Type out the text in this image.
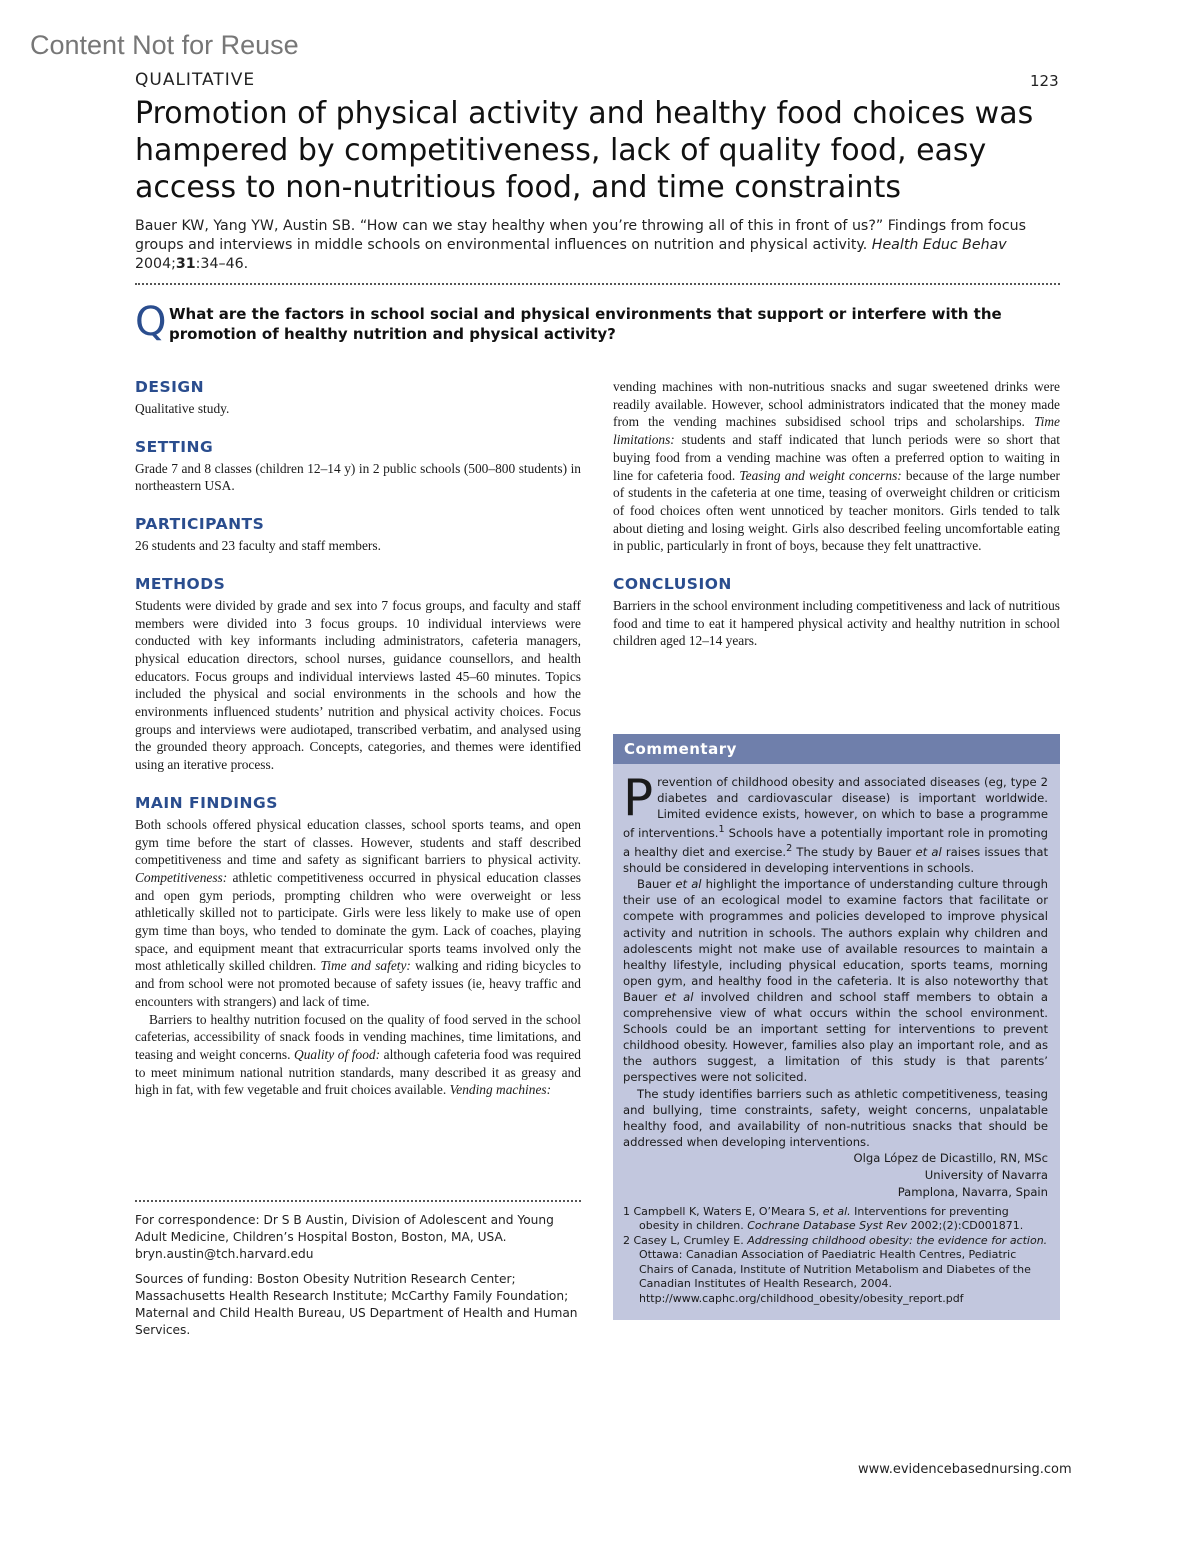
Content Not for Reuse
QUALITATIVE	123
Promotion of physical activity and healthy food choices was hampered by competitiveness, lack of quality food, easy access to non-nutritious food, and time constraints

Bauer KW, Yang YW, Austin SB. “How can we stay healthy when you’re throwing all of this in front of us?” Findings from focus groups and interviews in middle schools on environmental influences on nutrition and physical activity. Health Educ Behav 2004;31:34–46.

Q What are the factors in school social and physical environments that support or interfere with the promotion of healthy nutrition and physical activity?

DESIGN

Qualitative study.

SETTING

Grade 7 and 8 classes (children 12–14 y) in 2 public schools (500–800 students) in northeastern USA.

PARTICIPANTS

26 students and 23 faculty and staff members.

METHODS

Students were divided by grade and sex into 7 focus groups, and faculty and staff members were divided into 3 focus groups. 10 individual interviews were conducted with key informants including administrators, cafeteria managers, physical education directors, school nurses, guidance counsellors, and health educators. Focus groups and individual interviews lasted 45–60 minutes. Topics included the physical and social environments in the schools and how the environments influenced students’ nutrition and physical activity choices. Focus groups and interviews were audiotaped, transcribed verbatim, and analysed using the grounded theory approach. Concepts, categories, and themes were identified using an iterative process.

MAIN FINDINGS

Both schools offered physical education classes, school sports teams, and open gym time before the start of classes. However, students and staff described competitiveness and time and safety as significant barriers to physical activity. Competitiveness: athletic competitiveness occurred in physical education classes and open gym periods, prompting children who were overweight or less athletically skilled not to participate. Girls were less likely to make use of open gym time than boys, who tended to dominate the gym. Lack of coaches, playing space, and equipment meant that extracurricular sports teams involved only the most athletically skilled children. Time and safety: walking and riding bicycles to and from school were not promoted because of safety issues (ie, heavy traffic and encounters with strangers) and lack of time.

Barriers to healthy nutrition focused on the quality of food served in the school cafeterias, accessibility of snack foods in vending machines, time limitations, and teasing and weight concerns. Quality of food: although cafeteria food was required to meet minimum national nutrition standards, many described it as greasy and high in fat, with few vegetable and fruit choices available. Vending machines:

For correspondence: Dr S B Austin, Division of Adolescent and Young Adult Medicine, Children’s Hospital Boston, Boston, MA, USA. bryn.austin@tch.harvard.edu

Sources of funding: Boston Obesity Nutrition Research Center; Massachusetts Health Research Institute; McCarthy Family Foundation; Maternal and Child Health Bureau, US Department of Health and Human Services.

vending machines with non-nutritious snacks and sugar sweetened drinks were readily available. However, school administrators indicated that the money made from the vending machines subsidised school trips and scholarships. Time limitations: students and staff indicated that lunch periods were so short that buying food from a vending machine was often a preferred option to waiting in line for cafeteria food. Teasing and weight concerns: because of the large number of students in the cafeteria at one time, teasing of overweight children or criticism of food choices often went unnoticed by teacher monitors. Girls tended to talk about dieting and losing weight. Girls also described feeling uncomfortable eating in public, particularly in front of boys, because they felt unattractive.

CONCLUSION

Barriers in the school environment including competitiveness and lack of nutritious food and time to eat it hampered physical activity and healthy nutrition in school children aged 12–14 years.

Commentary

Prevention of childhood obesity and associated diseases (eg, type 2 diabetes and cardiovascular disease) is important worldwide. Limited evidence exists, however, on which to base a programme of interventions.$^1$ Schools have a potentially important role in promoting a healthy diet and exercise.$^2$ The study by Bauer et al raises issues that should be considered in developing interventions in schools.

Bauer et al highlight the importance of understanding culture through their use of an ecological model to examine factors that facilitate or compete with programmes and policies developed to improve physical activity and nutrition in schools. The authors explain why children and adolescents might not make use of available resources to maintain a healthy lifestyle, including physical education, sports teams, morning open gym, and healthy food in the cafeteria. It is also noteworthy that Bauer et al involved children and school staff members to obtain a comprehensive view of what occurs within the school environment. Schools could be an important setting for interventions to prevent childhood obesity. However, families also play an important role, and as the authors suggest, a limitation of this study is that parents’ perspectives were not solicited.

The study identifies barriers such as athletic competitiveness, teasing and bullying, time constraints, safety, weight concerns, unpalatable healthy food, and availability of non-nutritious snacks that should be addressed when developing interventions.

Olga López de Dicastillo, RN, MSc

University of Navarra

Pamplona, Navarra, Spain

1 Campbell K, Waters E, O’Meara S, et al. Interventions for preventing obesity in children. Cochrane Database Syst Rev 2002;(2):CD001871.
2 Casey L, Crumley E. Addressing childhood obesity: the evidence for action. Ottawa: Canadian Association of Paediatric Health Centres, Pediatric Chairs of Canada, Institute of Nutrition Metabolism and Diabetes of the Canadian Institutes of Health Research, 2004. http://www.caphc.org/childhood_obesity/obesity_report.pdf
www.evidencebasednursing.com
